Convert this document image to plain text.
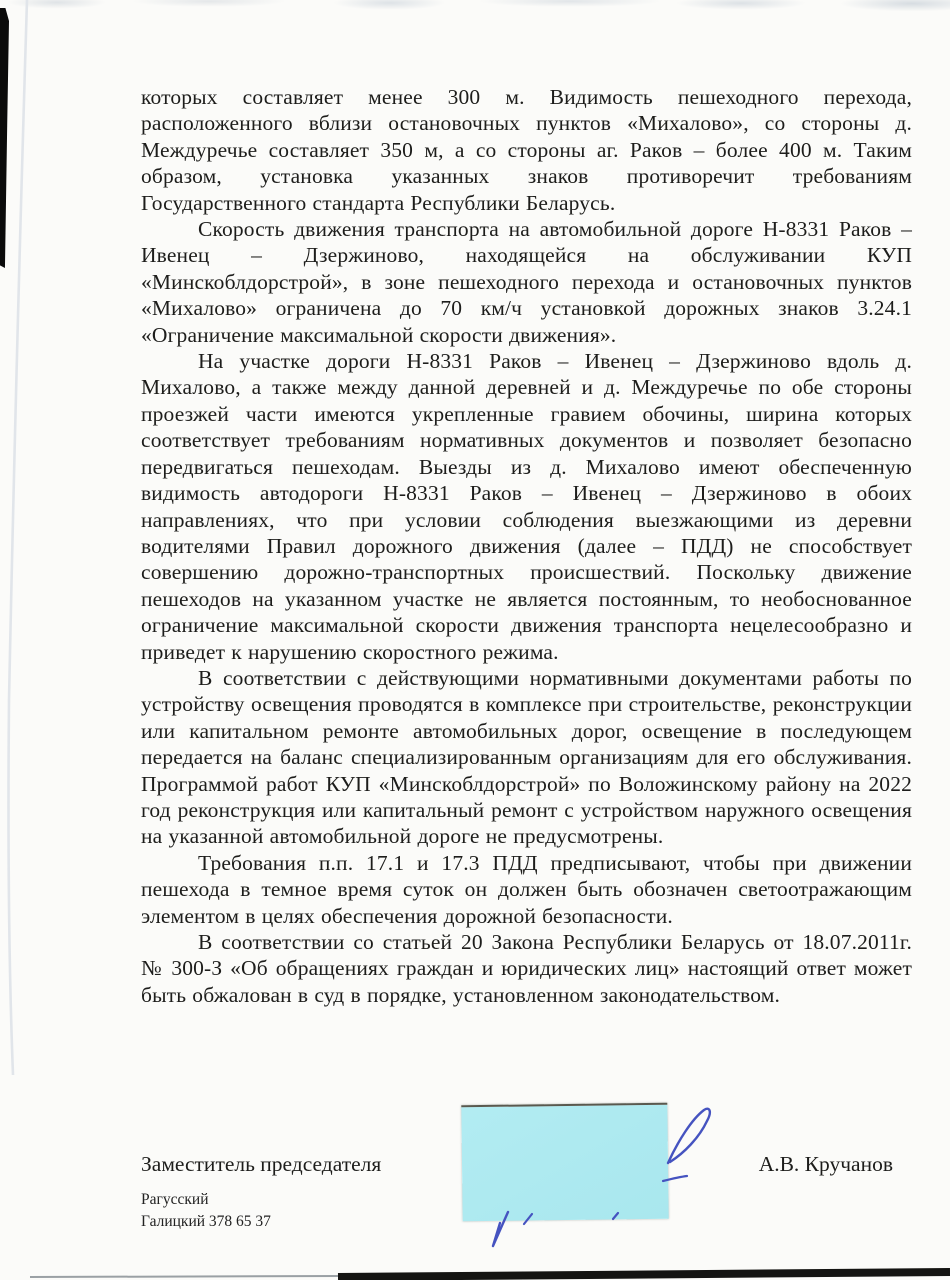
которых составляет менее 300 м. Видимость пешеходного перехода, расположенного вблизи остановочных пунктов «Михалово», со стороны д. Междуречье составляет 350 м, а со стороны аг. Раков – более 400 м. Таким образом, установка указанных знаков противоречит требованиям Государственного стандарта Республики Беларусь.

Скорость движения транспорта на автомобильной дороге Н-8331 Раков – Ивенец – Дзержиново, находящейся на обслуживании КУП «Минскоблдорстрой», в зоне пешеходного перехода и остановочных пунктов «Михалово» ограничена до 70 км/ч установкой дорожных знаков 3.24.1 «Ограничение максимальной скорости движения».

На участке дороги Н-8331 Раков – Ивенец – Дзержиново вдоль д. Михалово, а также между данной деревней и д. Междуречье по обе стороны проезжей части имеются укрепленные гравием обочины, ширина которых соответствует требованиям нормативных документов и позволяет безопасно передвигаться пешеходам. Выезды из д. Михалово имеют обеспеченную видимость автодороги Н-8331 Раков – Ивенец – Дзержиново в обоих направлениях, что при условии соблюдения выезжающими из деревни водителями Правил дорожного движения (далее – ПДД) не способствует совершению дорожно-транспортных происшествий. Поскольку движение пешеходов на указанном участке не является постоянным, то необоснованное ограничение максимальной скорости движения транспорта нецелесообразно и приведет к нарушению скоростного режима.

В соответствии с действующими нормативными документами работы по устройству освещения проводятся в комплексе при строительстве, реконструкции или капитальном ремонте автомобильных дорог, освещение в последующем передается на баланс специализированным организациям для его обслуживания. Программой работ КУП «Минскоблдорстрой» по Воложинскому району на 2022 год реконструкция или капитальный ремонт с устройством наружного освещения на указанной автомобильной дороге не предусмотрены.

Требования п.п. 17.1 и 17.3 ПДД предписывают, чтобы при движении пешехода в темное время суток он должен быть обозначен светоотражающим элементом в целях обеспечения дорожной безопасности.

В соответствии со статьей 20 Закона Республики Беларусь от 18.07.2011г. № 300-З «Об обращениях граждан и юридических лиц» настоящий ответ может быть обжалован в суд в порядке, установленном законодательством.

Заместитель председателя	А.В. Кручанов
Рагусский
Галицкий 378 65 37
